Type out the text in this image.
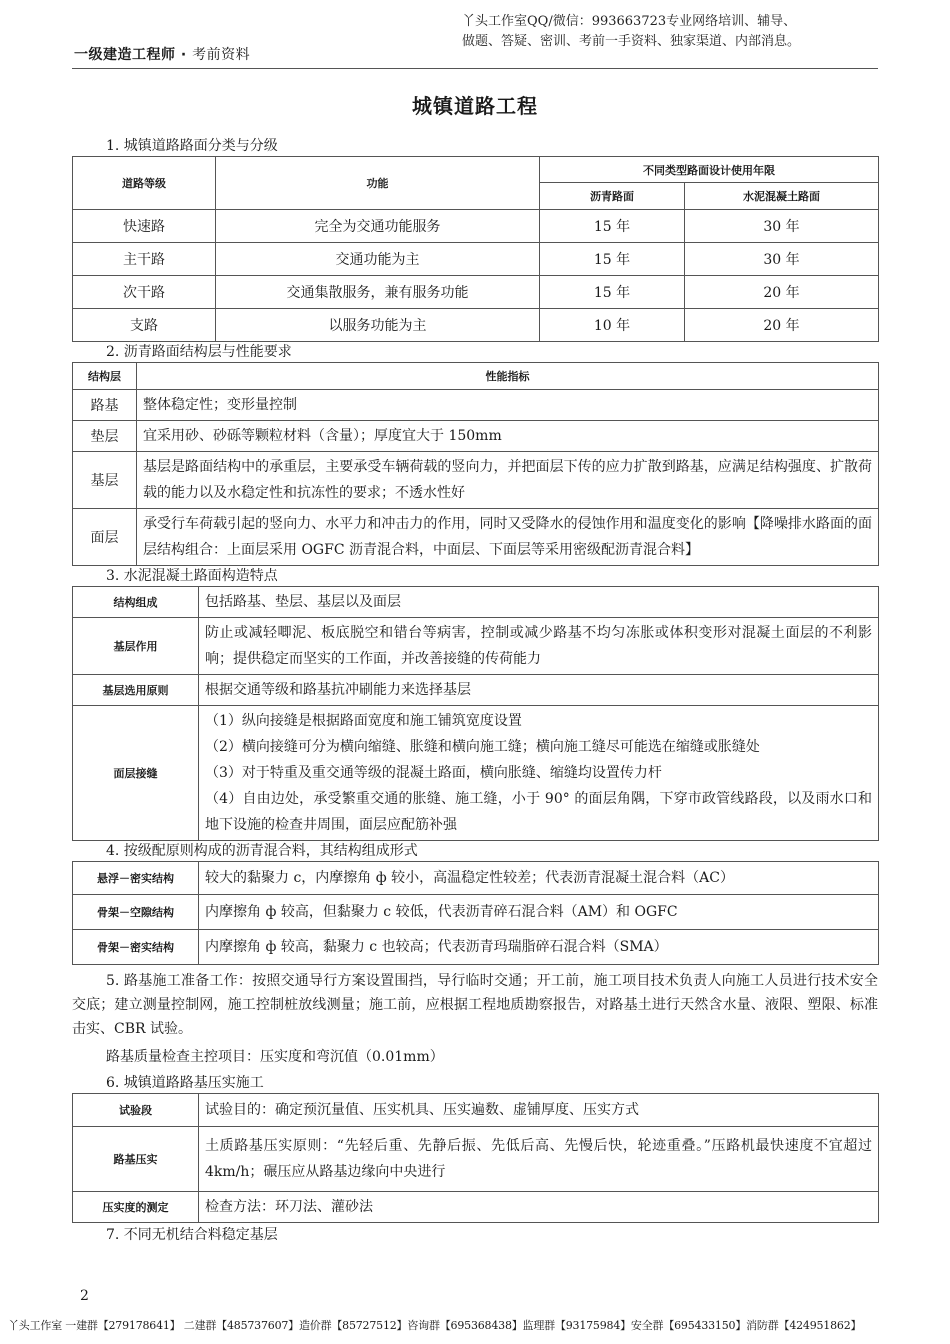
一级建造工程师 · 考前资料
丫头工作室QQ/微信：993663723专业网络培训、辅导、
做题、答疑、密训、考前一手资料、独家渠道、内部消息。
城镇道路工程
1. 城镇道路路面分类与分级
道路等级	功能	不同类型路面设计使用年限	
		沥青路面	水泥混凝土路面
快速路	完全为交通功能服务	15 年	30 年
主干路	交通功能为主	15 年	30 年
次干路	交通集散服务，兼有服务功能	15 年	20 年
支路	以服务功能为主	10 年	20 年
2. 沥青路面结构层与性能要求
结构层	性能指标
路基	整体稳定性；变形量控制
垫层	宜采用砂、砂砾等颗粒材料（含量）；厚度宜大于 150mm
基层	基层是路面结构中的承重层，主要承受车辆荷载的竖向力，并把面层下传的应力扩散到路基，应满足结构强度、扩散荷载的能力以及水稳定性和抗冻性的要求；不透水性好
面层	承受行车荷载引起的竖向力、水平力和冲击力的作用，同时又受降水的侵蚀作用和温度变化的影响【降噪排水路面的面层结构组合：上面层采用 OGFC 沥青混合料，中面层、下面层等采用密级配沥青混合料】
3. 水泥混凝土路面构造特点
结构组成	包括路基、垫层、基层以及面层
基层作用	防止或减轻唧泥、板底脱空和错台等病害，控制或减少路基不均匀冻胀或体积变形对混凝土面层的不利影响；提供稳定而坚实的工作面，并改善接缝的传荷能力
基层选用原则	根据交通等级和路基抗冲刷能力来选择基层
面层接缝	（1）纵向接缝是根据路面宽度和施工铺筑宽度设置
（2）横向接缝可分为横向缩缝、胀缝和横向施工缝；横向施工缝尽可能选在缩缝或胀缝处
（3）对于特重及重交通等级的混凝土路面，横向胀缝、缩缝均设置传力杆
（4）自由边处，承受繁重交通的胀缝、施工缝，小于 90° 的面层角隅，下穿市政管线路段，以及雨水口和地下设施的检查井周围，面层应配筋补强
4. 按级配原则构成的沥青混合料，其结构组成形式
悬浮－密实结构	较大的黏聚力 c，内摩擦角 ф 较小，高温稳定性较差；代表沥青混凝土混合料（AC）
骨架－空隙结构	内摩擦角 ф 较高，但黏聚力 c 较低，代表沥青碎石混合料（AM）和 OGFC
骨架－密实结构	内摩擦角 ф 较高，黏聚力 c 也较高；代表沥青玛瑞脂碎石混合料（SMA）
5. 路基施工准备工作：按照交通导行方案设置围挡，导行临时交通；开工前，施工项目技术负责人向施工人员进行技术安全交底；建立测量控制网，施工控制桩放线测量；施工前，应根据工程地质勘察报告，对路基土进行天然含水量、液限、塑限、标准击实、CBR 试验。
路基质量检查主控项目：压实度和弯沉值（0.01mm）
6. 城镇道路路基压实施工
试验段	试验目的：确定预沉量值、压实机具、压实遍数、虚铺厚度、压实方式
路基压实	土质路基压实原则：“先轻后重、先静后振、先低后高、先慢后快，轮迹重叠。”压路机最快速度不宜超过 4km/h；碾压应从路基边缘向中央进行
压实度的测定	检查方法：环刀法、灌砂法
7. 不同无机结合料稳定基层
2
丫头工作室 一建群【279178641】 二建群【485737607】造价群【85727512】咨询群【695368438】监理群【93175984】安全群【695433150】消防群【424951862】
